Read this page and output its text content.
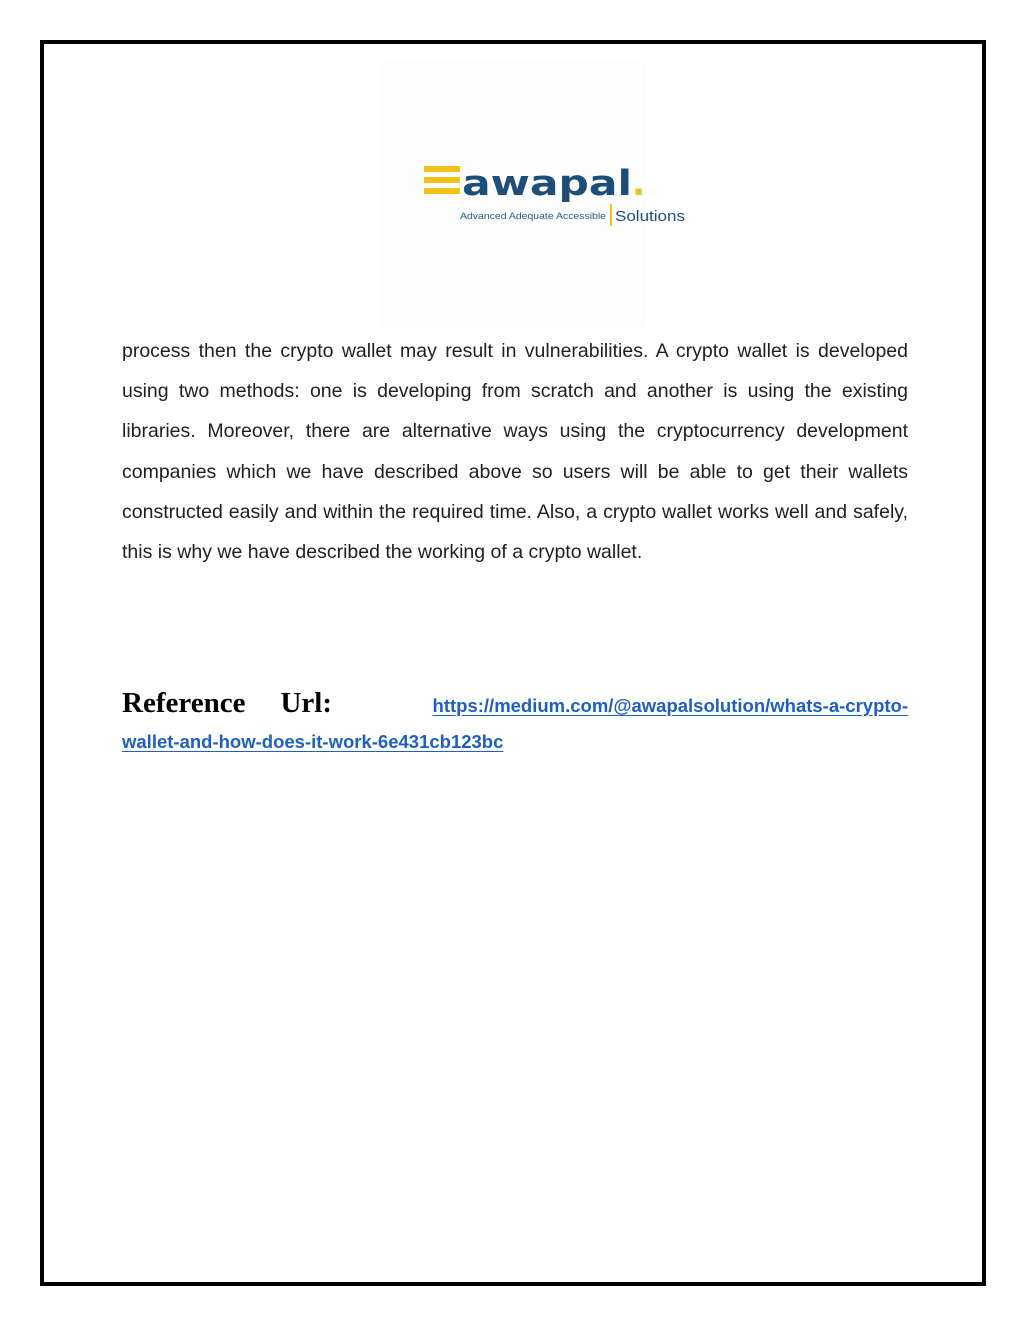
awapal .
Advanced Adequate Accessible Solutions

process then the crypto wallet may result in vulnerabilities. A crypto wallet is developed using two methods: one is developing from scratch and another is using the existing libraries. Moreover, there are alternative ways using the cryptocurrency development companies which we have described above so users will be able to get their wallets constructed easily and within the required time. Also, a crypto wallet works well and safely, this is why we have described the working of a crypto wallet.

Reference Url:	https://medium.com/@awapalsolution/whats-a-crypto-
wallet-and-how-does-it-work-6e431cb123bc
